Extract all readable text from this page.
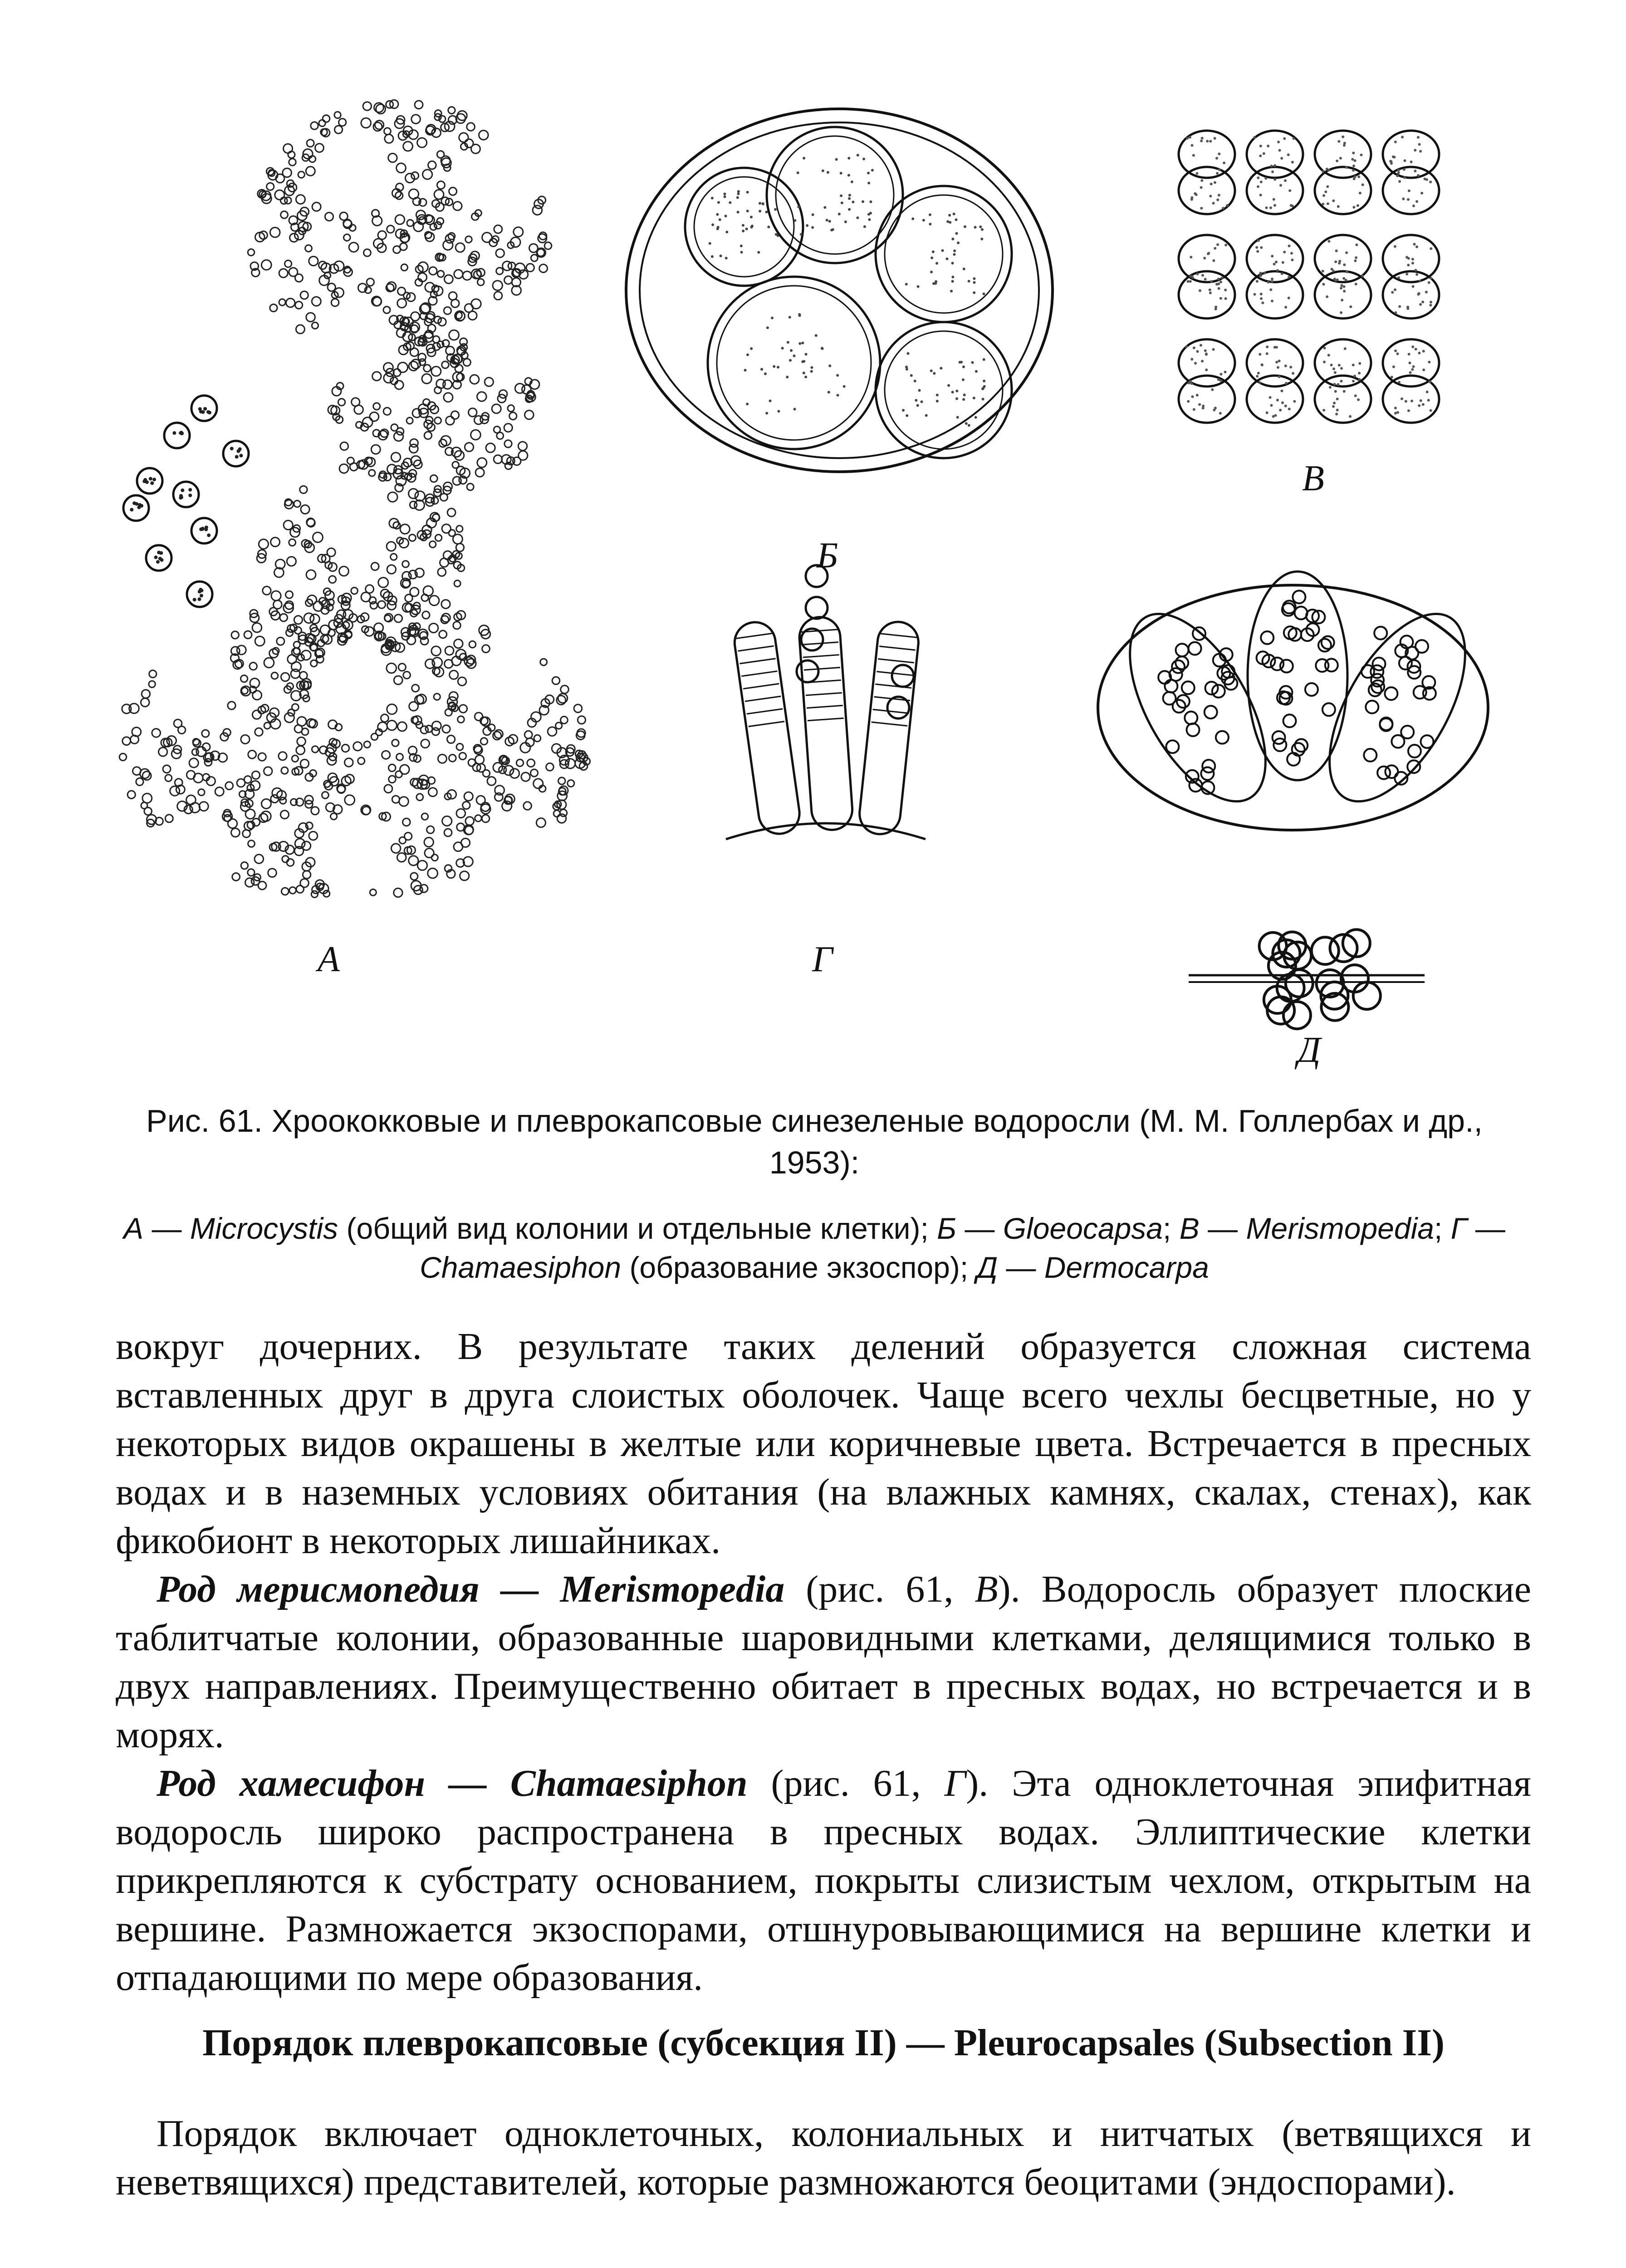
А
Б
В
Г
Д
Рис. 61. Хроококковые и плеврокапсовые синезеленые водоросли (М. М. Голлербах и др., 1953):
А — Microcystis (общий вид колонии и отдельные клетки); Б — Gloeocapsa; В — Merismopedia; Г —
Chamaesiphon (образование экзоспор); Д — Dermocarpa

вокруг дочерних. В результате таких делений образуется сложная система вставленных друг в друга слоистых оболочек. Чаще всего чехлы бесцветные, но у некоторых видов окрашены в желтые или коричневые цвета. Встречается в пресных водах и в наземных условиях обитания (на влажных камнях, скалах, стенах), как фикобионт в некоторых лишайниках.

Род мерисмопедия — Merismopedia (рис. 61, В). Водоросль образует плоские таблитчатые колонии, образованные шаровидными клетками, делящимися только в двух направлениях. Преимущественно обитает в пресных водах, но встречается и в морях.

Род хамесифон — Chamaesiphon (рис. 61, Г). Эта одноклеточная эпифитная водоросль широко распространена в пресных водах. Эллиптические клетки прикрепляются к субстрату основанием, покрыты слизистым чехлом, открытым на вершине. Размножается экзоспорами, отшнуровывающимися на вершине клетки и отпадающими по мере образования.

Порядок плеврокапсовые (субсекция II) — Pleurocapsales (Subsection II)

Порядок включает одноклеточных, колониальных и нитчатых (ветвящихся и неветвящихся) представителей, которые размножаются беоцитами (эндоспорами).
